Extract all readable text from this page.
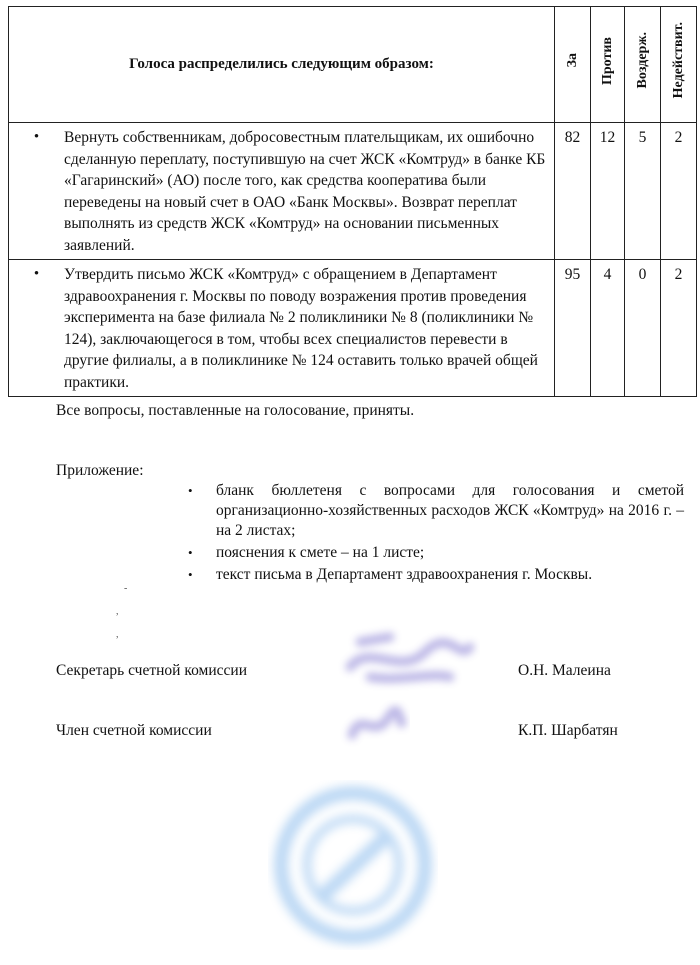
Голоса распределились следующим образом:	За	Против	Воздерж.	Недействит.

• Вернуть собственникам, добросовестным плательщикам, их ошибочно сделанную переплату, поступившую на счет ЖСК «Комтруд» в банке КБ «Гагаринский» (АО) после того, как средства кооператива были переведены на новый счет в ОАО «Банк Москвы». Возврат переплат выполнять из средств ЖСК «Комтруд» на основании письменных заявлений.	82	12	5	2

• Утвердить письмо ЖСК «Комтруд» с обращением в Департамент здравоохранения г. Москвы по поводу возражения против проведения эксперимента на базе филиала № 2 поликлиники № 8 (поликлиники № 124), заключающегося в том, чтобы всех специалистов перевести в другие филиалы, а в поликлинике № 124 оставить только врачей общей практики.	95	4	0	2
Все вопросы, поставленные на голосование, приняты.
Приложение:
•	бланк бюллетеня с вопросами для голосования и сметой организационно-хозяйственных расходов ЖСК «Комтруд» на 2016 г. – на 2 листах;
•	пояснения к смете – на 1 листе;
•	текст письма в Департамент здравоохранения г. Москвы.
-
,
,
Секретарь счетной комиссии	О.Н. Малеина
Член счетной комиссии	К.П. Шарбатян
